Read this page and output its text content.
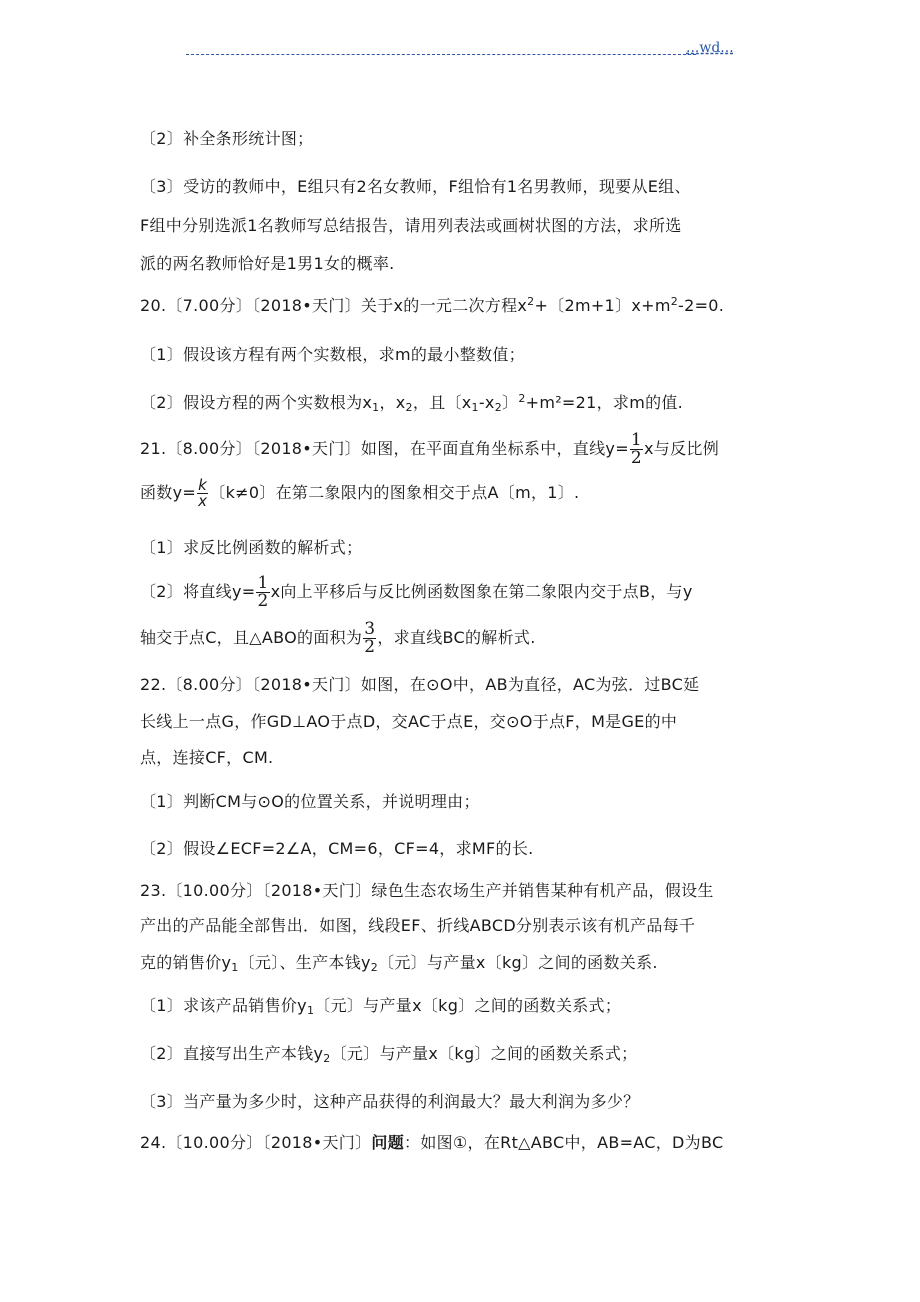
...wd...
〔2〕补全条形统计图；
〔3〕受访的教师中，E组只有2名女教师，F组恰有1名男教师，现要从E组、
F组中分别选派1名教师写总结报告，请用列表法或画树状图的方法，求所选
派的两名教师恰好是1男1女的概率.
20.〔7.00分〕〔2018•天门〕关于x的一元二次方程$x^2+$〔2m+1〕$x+m^2-2=0$.
〔1〕假设该方程有两个实数根，求m的最小整数值；
〔2〕假设方程的两个实数根为$x_1$，$x_2$，且〔$x_1-x_2$〕$^2$+m²=21，求m的值.
21.〔8.00分〕〔2018•天门〕如图，在平面直角坐标系中，直线$y= \frac{1}{2}$ x与反比例
函数$y= \frac{k}{x}$ 〔k≠0〕在第二象限内的图象相交于点A〔m，1〕.
〔1〕求反比例函数的解析式；
〔2〕将直线$y= \frac{1}{2}$ x向上平移后与反比例函数图象在第二象限内交于点B，与y
轴交于点C，且△ABO的面积为 $\frac{3}{2}$ ，求直线BC的解析式.
22.〔8.00分〕〔2018•天门〕如图，在⊙O中，AB为直径，AC为弦．过BC延
长线上一点G，作GD⊥AO于点D，交AC于点E，交⊙O于点F，M是GE的中
点，连接CF，CM.
〔1〕判断CM与⊙O的位置关系，并说明理由；
〔2〕假设∠ECF=2∠A，CM=6，CF=4，求MF的长.
23.〔10.00分〕〔2018•天门〕绿色生态农场生产并销售某种有机产品，假设生
产出的产品能全部售出．如图，线段EF、折线ABCD分别表示该有机产品每千
克的销售价$y_1$〔元〕、生产本钱$y_2$〔元〕与产量x〔kg〕之间的函数关系.
〔1〕求该产品销售价$y_1$〔元〕与产量x〔kg〕之间的函数关系式；
〔2〕直接写出生产本钱$y_2$〔元〕与产量x〔kg〕之间的函数关系式；
〔3〕当产量为多少时，这种产品获得的利润最大？最大利润为多少？
24.〔10.00分〕〔2018•天门〕问题：如图①，在Rt△ABC中，AB=AC，D为BC
